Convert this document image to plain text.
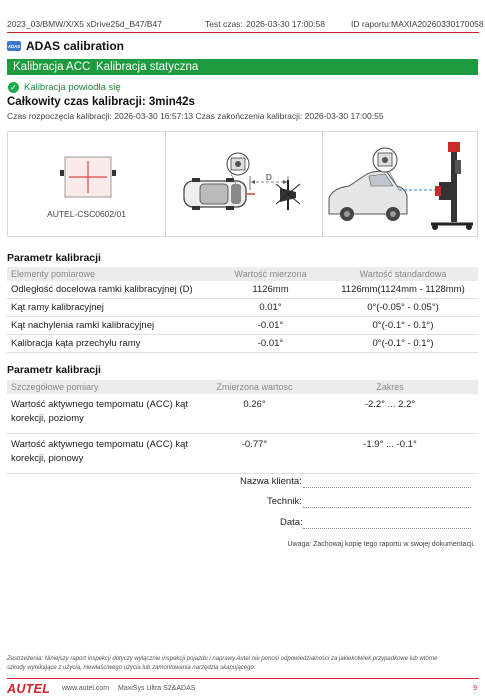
2023_03/BMW/X/X5 xDrive25d_B47/B47	Test czas: 2026-03-30 17:00:58	ID raportu: MAXIA20260330170058
ADAS ADAS calibration
Kalibracja ACC Kalibracja statyczna
✓ Kalibracja powiodła się
Całkowity czas kalibracji: 3min42s
Czas rozpoczęcia kalibracji: 2026-03-30 16:57:13 Czas zakończenia kalibracji: 2026-03-30 17:00:55
AUTEL-CSC0602/01
D
Parametr kalibracji
Elementy pomiarowe	Wartość mierzona	Wartość standardowa
Odległość docelowa ramki kalibracyjnej (D)	1126mm	1126mm(1124mm - 1128mm)
Kąt ramy kalibracyjnej	0.01°	0°(-0.05° - 0.05°)
Kąt nachylenia ramki kalibracyjnej	-0.01°	0°(-0.1° - 0.1°)
Kalibracja kąta przechyłu ramy	-0.01°	0°(-0.1° - 0.1°)
Parametr kalibracji
Szczegółowe pomiary	Zmierzona wartosc	Zakres
Wartość aktywnego tempomatu (ACC) kąt korekcji, poziomy	0.26°	-2.2° ... 2.2°
Wartość aktywnego tempomatu (ACC) kąt korekcji, pionowy	-0.77°	-1.9° ... -0.1°
Nazwa klienta:
Technik:
Data:
Uwaga: Zachowaj kopię tego raportu w swojej dokumentacji.
Zastrzeżenia: Niniejszy raport inspekcji dotyczy wyłącznie inspekcji pojazdu i naprawy.Autel nie ponosi odpowiedzialności za jakiekolwiek przypadkowe lub wtórne szkody wynikające z użycia, niewłaściwego użycia lub zamontowania narzędzia skanującego.
AUTEL www.autel.com MaxiSys Ultra S2&ADAS	9
